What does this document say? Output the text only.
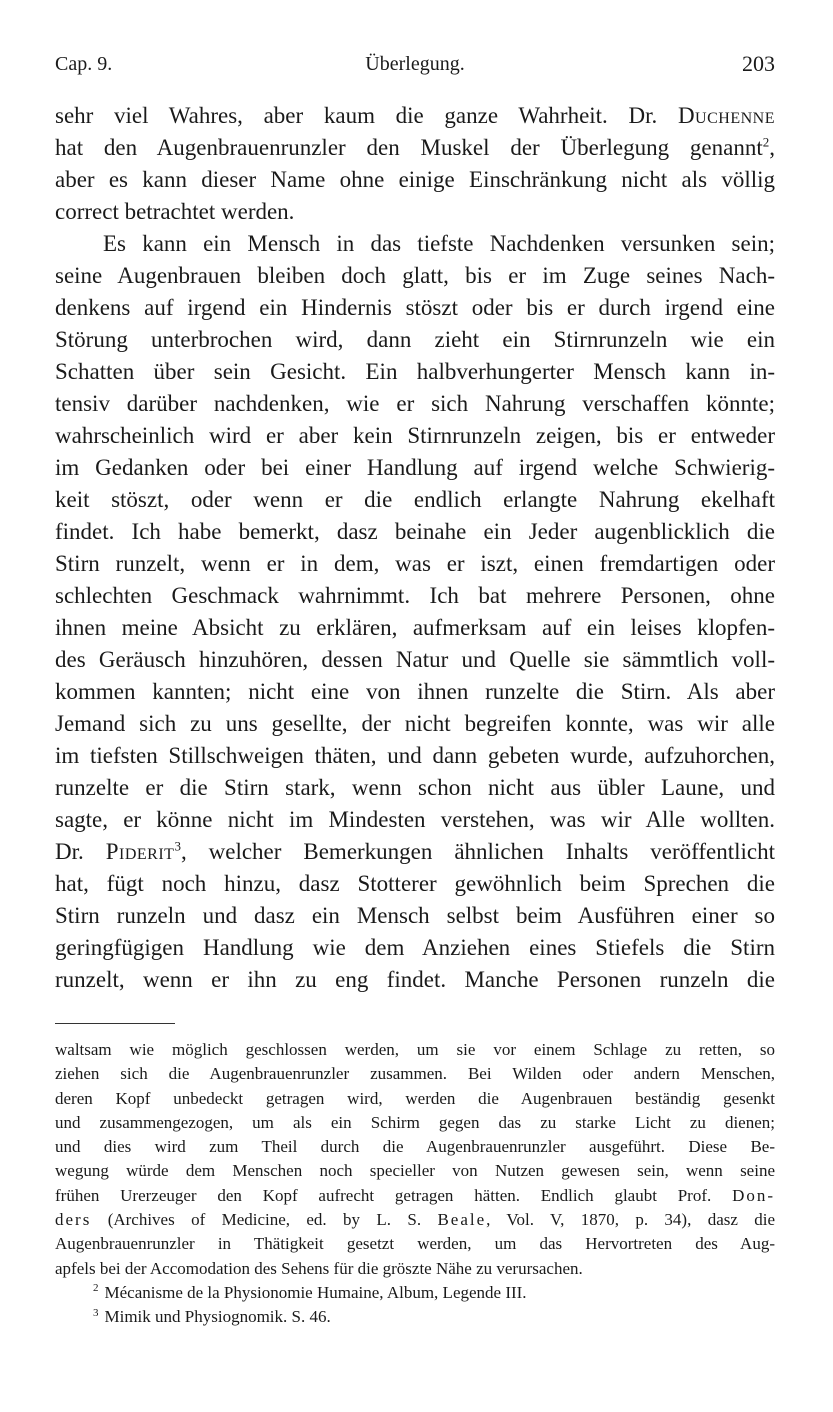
Cap. 9.	Überlegung.	203
sehr viel Wahres, aber kaum die ganze Wahrheit. Dr. Duchenne
hat den Augenbrauenrunzler den Muskel der Überlegung genannt$^2$,
aber es kann dieser Name ohne einige Einschränkung nicht als völlig
correct betrachtet werden.
Es kann ein Mensch in das tiefste Nachdenken versunken sein;
seine Augenbrauen bleiben doch glatt, bis er im Zuge seines Nach-
denkens auf irgend ein Hindernis stöszt oder bis er durch irgend eine
Störung unterbrochen wird, dann zieht ein Stirnrunzeln wie ein
Schatten über sein Gesicht. Ein halbverhungerter Mensch kann in-
tensiv darüber nachdenken, wie er sich Nahrung verschaffen könnte;
wahrscheinlich wird er aber kein Stirnrunzeln zeigen, bis er entweder
im Gedanken oder bei einer Handlung auf irgend welche Schwierig-
keit stöszt, oder wenn er die endlich erlangte Nahrung ekelhaft
findet. Ich habe bemerkt, dasz beinahe ein Jeder augenblicklich die
Stirn runzelt, wenn er in dem, was er iszt, einen fremdartigen oder
schlechten Geschmack wahrnimmt. Ich bat mehrere Personen, ohne
ihnen meine Absicht zu erklären, aufmerksam auf ein leises klopfen-
des Geräusch hinzuhören, dessen Natur und Quelle sie sämmtlich voll-
kommen kannten; nicht eine von ihnen runzelte die Stirn. Als aber
Jemand sich zu uns gesellte, der nicht begreifen konnte, was wir alle
im tiefsten Stillschweigen thäten, und dann gebeten wurde, aufzuhorchen,
runzelte er die Stirn stark, wenn schon nicht aus übler Laune, und
sagte, er könne nicht im Mindesten verstehen, was wir Alle wollten.
Dr. Piderit$^3$, welcher Bemerkungen ähnlichen Inhalts veröffentlicht
hat, fügt noch hinzu, dasz Stotterer gewöhnlich beim Sprechen die
Stirn runzeln und dasz ein Mensch selbst beim Ausführen einer so
geringfügigen Handlung wie dem Anziehen eines Stiefels die Stirn
runzelt, wenn er ihn zu eng findet. Manche Personen runzeln die
waltsam wie möglich geschlossen werden, um sie vor einem Schlage zu retten, so
ziehen sich die Augenbrauenrunzler zusammen. Bei Wilden oder andern Menschen,
deren Kopf unbedeckt getragen wird, werden die Augenbrauen beständig gesenkt
und zusammengezogen, um als ein Schirm gegen das zu starke Licht zu dienen;
und dies wird zum Theil durch die Augenbrauenrunzler ausgeführt. Diese Be-
wegung würde dem Menschen noch specieller von Nutzen gewesen sein, wenn seine
frühen Urerzeuger den Kopf aufrecht getragen hätten. Endlich glaubt Prof. Don-
ders (Archives of Medicine, ed. by L. S. Beale, Vol. V, 1870, p. 34), dasz die
Augenbrauenrunzler in Thätigkeit gesetzt werden, um das Hervortreten des Aug-
apfels bei der Accomodation des Sehens für die gröszte Nähe zu verursachen.
$^2$ Mécanisme de la Physionomie Humaine, Album, Legende III.
$^3$ Mimik und Physiognomik. S. 46.
